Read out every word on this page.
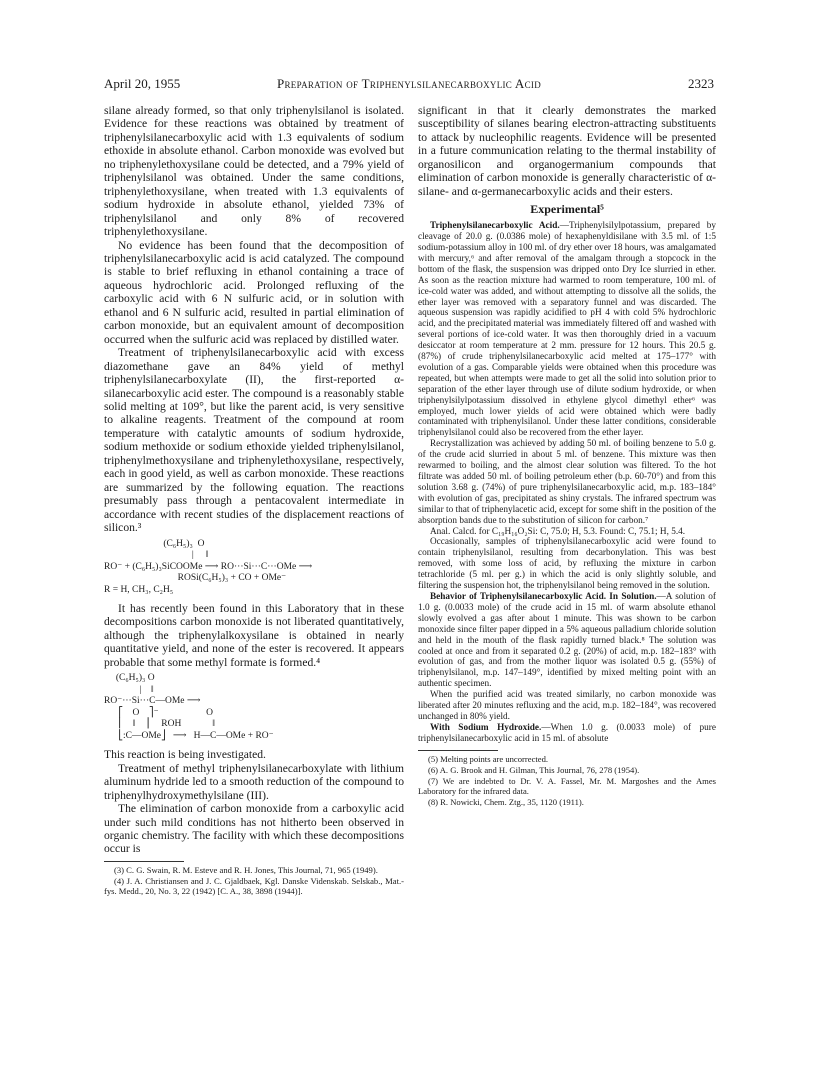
April 20, 1955	Preparation of Triphenylsilanecarboxylic Acid	2323

silane already formed, so that only triphenylsilanol is isolated. Evidence for these reactions was obtained by treatment of triphenylsilanecarboxylic acid with 1.3 equivalents of sodium ethoxide in absolute ethanol. Carbon monoxide was evolved but no triphenylethoxysilane could be detected, and a 79% yield of triphenylsilanol was obtained. Under the same conditions, triphenylethoxysilane, when treated with 1.3 equivalents of sodium hydroxide in absolute ethanol, yielded 73% of triphenylsilanol and only 8% of recovered triphenylethoxysilane.

No evidence has been found that the decomposition of triphenylsilanecarboxylic acid is acid catalyzed. The compound is stable to brief refluxing in ethanol containing a trace of aqueous hydrochloric acid. Prolonged refluxing of the carboxylic acid with 6 N sulfuric acid, or in solution with ethanol and 6 N sulfuric acid, resulted in partial elimination of carbon monoxide, but an equivalent amount of decomposition occurred when the sulfuric acid was replaced by distilled water.

Treatment of triphenylsilanecarboxylic acid with excess diazomethane gave an 84% yield of methyl triphenylsilanecarboxylate (II), the first-reported α-silanecarboxylic acid ester. The compound is a reasonably stable solid melting at 109°, but like the parent acid, is very sensitive to alkaline reagents. Treatment of the compound at room temperature with catalytic amounts of sodium hydroxide, sodium methoxide or sodium ethoxide yielded triphenylsilanol, triphenylmethoxysilane and triphenylethoxysilane, respectively, each in good yield, as well as carbon monoxide. These reactions are summarized by the following equation. The reactions presumably pass through a pentacovalent intermediate in accordance with recent studies of the displacement reactions of silicon.³

(C₆H₅)₃  O
|     ‖
RO⁻ + (C₆H₅)₃SiCOOMe ⟶ RO···Si···C···OMe ⟶
ROSi(C₆H₅)₃ + CO + OMe⁻
R = H, CH₃, C₂H₅

It has recently been found in this Laboratory that in these decompositions carbon monoxide is not liberated quantitatively, although the triphenylalkoxysilane is obtained in nearly quantitative yield, and none of the ester is recovered. It appears probable that some methyl formate is formed.⁴

(C₆H₅)₃ O
|    ‖
RO⁻···Si···C—OMe ⟶
⎡    O    ⎤⁻                    O
⎢    ‖    ⎥     ROH             ‖
⎣:C—OMe⎦   ⟶   H—C—OMe + RO⁻

This reaction is being investigated.

Treatment of methyl triphenylsilanecarboxylate with lithium aluminum hydride led to a smooth reduction of the compound to triphenylhydroxymethylsilane (III).

The elimination of carbon monoxide from a carboxylic acid under such mild conditions has not hitherto been observed in organic chemistry. The facility with which these decompositions occur is

(3) C. G. Swain, R. M. Esteve and R. H. Jones, This Journal, 71, 965 (1949).

(4) J. A. Christiansen and J. C. Gjaldbaek, Kgl. Danske Videnskab. Selskab., Mat.-fys. Medd., 20, No. 3, 22 (1942) [C. A., 38, 3898 (1944)].

significant in that it clearly demonstrates the marked susceptibility of silanes bearing electron-attracting substituents to attack by nucleophilic reagents. Evidence will be presented in a future communication relating to the thermal instability of organosilicon and organogermanium compounds that elimination of carbon monoxide is generally characteristic of α-silane- and α-germanecarboxylic acids and their esters.

Experimental⁵

Triphenylsilanecarboxylic Acid.—Triphenylsilylpotassium, prepared by cleavage of 20.0 g. (0.0386 mole) of hexaphenyldisilane with 3.5 ml. of 1:5 sodium-potassium alloy in 100 ml. of dry ether over 18 hours, was amalgamated with mercury,⁶ and after removal of the amalgam through a stopcock in the bottom of the flask, the suspension was dripped onto Dry Ice slurried in ether. As soon as the reaction mixture had warmed to room temperature, 100 ml. of ice-cold water was added, and without attempting to dissolve all the solids, the ether layer was removed with a separatory funnel and was discarded. The aqueous suspension was rapidly acidified to pH 4 with cold 5% hydrochloric acid, and the precipitated material was immediately filtered off and washed with several portions of ice-cold water. It was then thoroughly dried in a vacuum desiccator at room temperature at 2 mm. pressure for 12 hours. This 20.5 g. (87%) of crude triphenylsilanecarboxylic acid melted at 175–177° with evolution of a gas. Comparable yields were obtained when this procedure was repeated, but when attempts were made to get all the solid into solution prior to separation of the ether layer through use of dilute sodium hydroxide, or when triphenylsilylpotassium dissolved in ethylene glycol dimethyl ether⁶ was employed, much lower yields of acid were obtained which were badly contaminated with triphenylsilanol. Under these latter conditions, considerable triphenylsilanol could also be recovered from the ether layer.

Recrystallization was achieved by adding 50 ml. of boiling benzene to 5.0 g. of the crude acid slurried in about 5 ml. of benzene. This mixture was then rewarmed to boiling, and the almost clear solution was filtered. To the hot filtrate was added 50 ml. of boiling petroleum ether (b.p. 60-70°) and from this solution 3.68 g. (74%) of pure triphenylsilanecarboxylic acid, m.p. 183–184° with evolution of gas, precipitated as shiny crystals. The infrared spectrum was similar to that of triphenylacetic acid, except for some shift in the position of the absorption bands due to the substitution of silicon for carbon.⁷

Anal. Calcd. for C₁₉H₁₆O₂Si: C, 75.0; H, 5.3. Found: C, 75.1; H, 5.4.

Occasionally, samples of triphenylsilanecarboxylic acid were found to contain triphenylsilanol, resulting from decarbonylation. This was best removed, with some loss of acid, by refluxing the mixture in carbon tetrachloride (5 ml. per g.) in which the acid is only slightly soluble, and filtering the suspension hot, the triphenylsilanol being removed in the solution.

Behavior of Triphenylsilanecarboxylic Acid. In Solution.—A solution of 1.0 g. (0.0033 mole) of the crude acid in 15 ml. of warm absolute ethanol slowly evolved a gas after about 1 minute. This was shown to be carbon monoxide since filter paper dipped in a 5% aqueous palladium chloride solution and held in the mouth of the flask rapidly turned black.⁸ The solution was cooled at once and from it separated 0.2 g. (20%) of acid, m.p. 182–183° with evolution of gas, and from the mother liquor was isolated 0.5 g. (55%) of triphenylsilanol, m.p. 147–149°, identified by mixed melting point with an authentic specimen.

When the purified acid was treated similarly, no carbon monoxide was liberated after 20 minutes refluxing and the acid, m.p. 182–184°, was recovered unchanged in 80% yield.

With Sodium Hydroxide.—When 1.0 g. (0.0033 mole) of pure triphenylsilanecarboxylic acid in 15 ml. of absolute

(5) Melting points are uncorrected.

(6) A. G. Brook and H. Gilman, This Journal, 76, 278 (1954).

(7) We are indebted to Dr. V. A. Fassel, Mr. M. Margoshes and the Ames Laboratory for the infrared data.

(8) R. Nowicki, Chem. Ztg., 35, 1120 (1911).
